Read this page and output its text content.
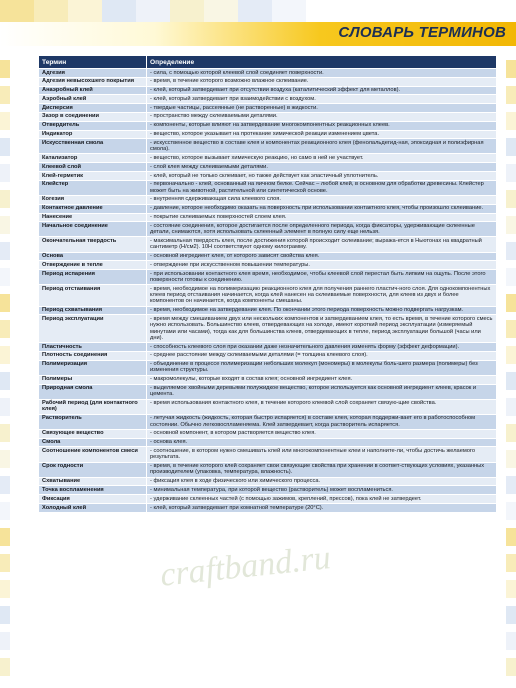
СЛОВАРЬ ТЕРМИНОВ
Термин	Определение
Адгезия	- сила, с помощью которой клеевой слой соединяет поверхности.
Адгезия невысохшего покрытия	- время, в течение которого возможно влажное склеивание.
Анаэробный клей	- клей, который затвердевает при отсутствии воздуха (каталитический эффект для металлов).
Аэробный клей	- клей, который затвердевает при взаимодействии с воздухом.
Дисперсия	- твердые частицы, рассеянные (не растворенные) в жидкости.
Зазор в соединении	- пространство между склеиваемыми деталями.
Отвердитель	- компоненты, которые влияют на затвердевание многокомпонентных реакционных клеев.
Индикатор	- вещество, которое указывает на протекание химической реакции изменением цвета.
Искусственная смола	- искусственное вещество в составе клея и компонентах реакционного клея (фенолальдегид-ная, эпоксидная и полиэфирная смола).
Катализатор	- вещество, которое вызывает химическую реакцию, но само в ней не участвует.
Клеевой слой	- слой клея между склеиваемыми деталями.
Клей-герметик	- клей, который не только склеивает, но также действует как эластичный уплотнитель.
Клейстер	- первоначально - клей, основанный на яичном белке. Сейчас – любой клей, в основном для обработки древесины. Клейстер может быть на животной, растительной или синтетической основе.
Когезия	- внутренняя сдерживающая сила клеевого слоя.
Контактное давление	- давление, которое необходимо оказать на поверхность при использовании контактного клея, чтобы произошло склеивание.
Нанесение	- покрытие склеиваемых поверхностей слоем клея.
Начальное соединение	- состояние соединения, которое достигается после определенного периода, когда фиксаторы, удерживающие склеенные детали, снимаются, хотя использовать склеенный элемент в полную силу еще нельзя.
Окончательная твердость	- максимальная твердость клея, после достижения которой происходит склеивание; выража-ется в Ньютонах на квадратный сантиметр (Н/см2). 10Н соответствуют одному килограмму.
Основа	- основной ингредиент клея, от которого зависят свойства клея.
Отверждение в тепле	- отверждение при искусственном повышении температуры.
Период испарения	- при использовании контактного клея время, необходимое, чтобы клеевой слой перестал быть липким на ощупь. После этого поверхности готовы к соединению.
Период отстаивания	- время, необходимое на полимеризацию реакционного клея для получения раннего пластич-ного слоя. Для однокомпонентных клеев период отстаивания начинается, когда клей нанесен на склеиваемые поверхности, для клеев из двух и более компонентов он начинается, когда компоненты смешаны.
Период схватывания	- время, необходимое на затвердевание клея. По окончании этого периода поверхность можно подвергать нагрузкам.
Период эксплуатации	- время между смешиванием двух или нескольких компонентов и затвердеванием клея, то есть время, в течение которого смесь нужно использовать. Большинство клеев, отвердевающих на холоде, имеют короткий период эксплуатации (измеряемый минутами или часами), тогда как для большинства клеев, отвердевающих в тепле, период эксплуатации большой (часы или дни).
Пластичность	- способность клеевого слоя при оказании даже незначительного давления изменять форму (эффект деформации).
Плотность соединения	- среднее расстояние между склеиваемыми деталями (= толщина клеевого слоя).
Полимеризация	- объединение в процессе полимеризации небольших молекул (мономеры) в молекулы боль-шего размера (полимеры) без изменения структуры.
Полимеры	- макромолекулы, которые входят в состав клея; основной ингредиент клея.
Природная смола	- выделяемое хвойными деревьями полужидкое вещество, которое используется как основной ингредиент клеев, красок и цемента.
Рабочий период (для контактного клея)	- время использования контактного клея, в течение которого клеевой слой сохраняет связую-щие свойства.
Растворитель	- летучая жидкость (жидкость, которая быстро испаряется) в составе клея, которая поддержи-вает его в работоспособном состоянии. Обычно легковоспламеняема. Клей затвердевает, когда растворитель испаряется.
Связующее вещество	- основной компонент, в котором растворяется вещество клея.
Смола	- основа клея.
Соотношение компонентов смеси	- соотношение, в котором нужно смешивать клей или многокомпонентные клеи и наполните-ли, чтобы достичь желаемого результата.
Срок годности	- время, в течение которого клей сохраняет свои связующие свойства при хранении в соответ-ствующих условиях, указанных производителем (упаковка, температура, влажность).
Схватывание	- фиксация клея в ходе физического или химического процесса.
Точка воспламенения	- минимальная температура, при которой вещество (растворитель) может воспламениться.
Фиксация	- удерживание склеенных частей (с помощью зажимов, креплений, прессов), пока клей не затвердеет.
Холодный клей	- клей, который затвердевает при комнатной температуре (20°С).
craftband.ru
